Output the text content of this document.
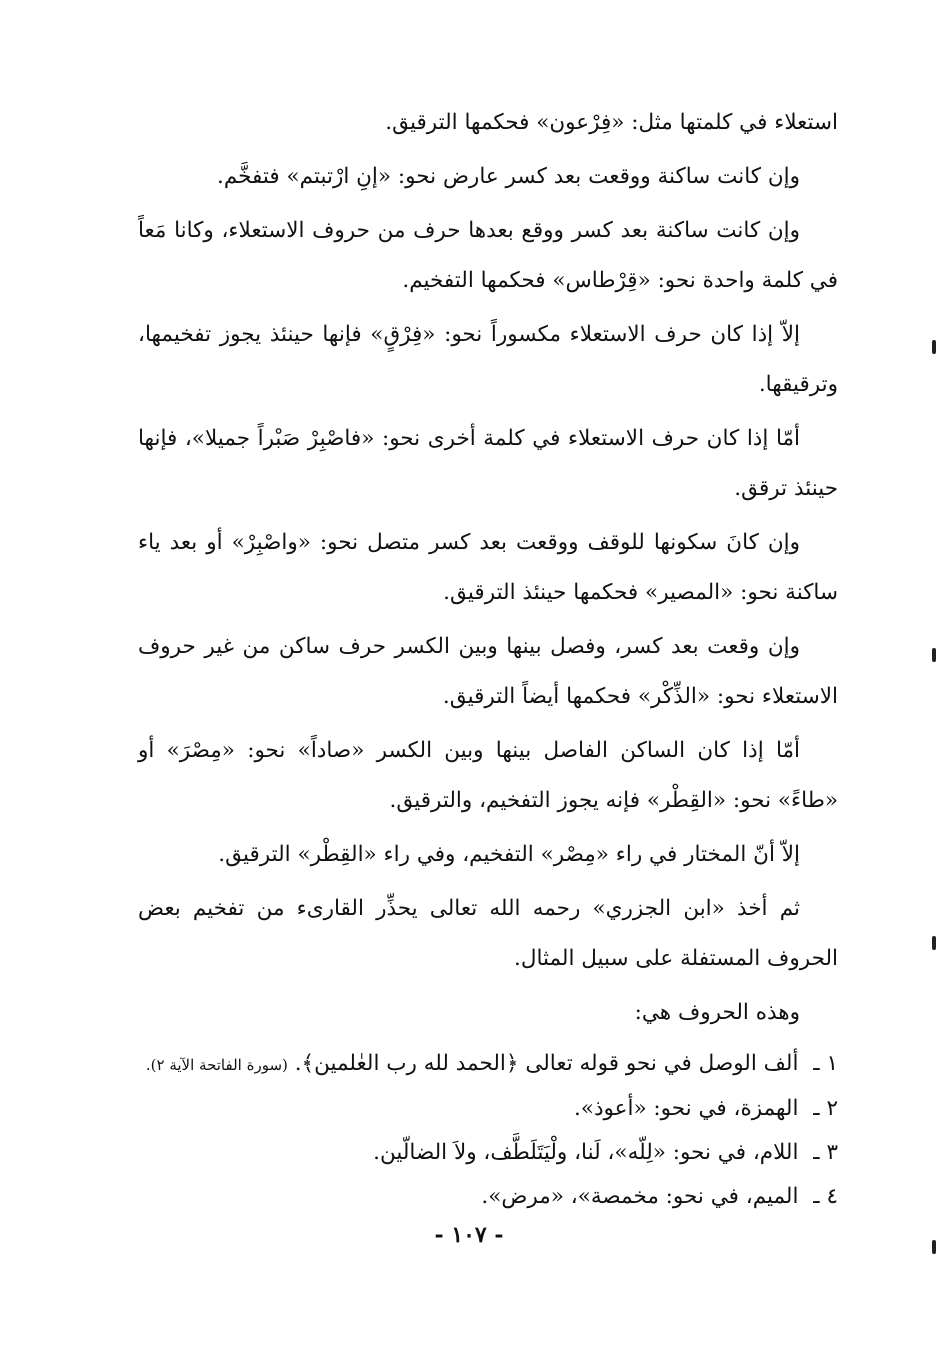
استعلاء في كلمتها مثل: «فِرْعون» فحكمها الترقيق.

وإن كانت ساكنة ووقعت بعد كسر عارض نحو: «إنِ ارْتبتم» فتفخَّم.

وإن كانت ساكنة بعد كسر ووقع بعدها حرف من حروف الاستعلاء، وكانا مَعاً في كلمة واحدة نحو: «قِرْطاس» فحكمها التفخيم.

إلاّ إذا كان حرف الاستعلاء مكسوراً نحو: «فِرْقٍ» فإنها حينئذ يجوز تفخيمها، وترقيقها.

أمّا إذا كان حرف الاستعلاء في كلمة أخرى نحو: «فاصْبِرْ صَبْراً جميلا»، فإنها حينئذ ترقق.

وإن كانَ سكونها للوقف ووقعت بعد كسر متصل نحو: «واصْبِرْ» أو بعد ياء ساكنة نحو: «المصير» فحكمها حينئذ الترقيق.

وإن وقعت بعد كسر، وفصل بينها وبين الكسر حرف ساكن من غير حروف الاستعلاء نحو: «الذِّكْر» فحكمها أيضاً الترقيق.

أمّا إذا كان الساكن الفاصل بينها وبين الكسر «صاداً» نحو: «مِصْرَ» أو «طاءً» نحو: «القِطْر» فإنه يجوز التفخيم، والترقيق.

إلاّ أنّ المختار في راء «مِصْر» التفخيم، وفي راء «القِطْر» الترقيق.

ثم أخذ «ابن الجزري» رحمه الله تعالى يحذِّر القارىء من تفخيم بعض الحروف المستفلة على سبيل المثال.

وهذه الحروف هي:

١ ـ ألف الوصل في نحو قوله تعالى ﴿الحمد لله رب العٰلمين﴾. (سورة الفاتحة الآية ٢).

٢ ـ الهمزة، في نحو: «أعوذ».

٣ ـ اللام، في نحو: «لِلّه»، لَنا، ولْيَتَلَطَّف، ولاَ الضالّين.

٤ ـ الميم، في نحو: مخمصة»، «مرض».

- ١٠٧ -
